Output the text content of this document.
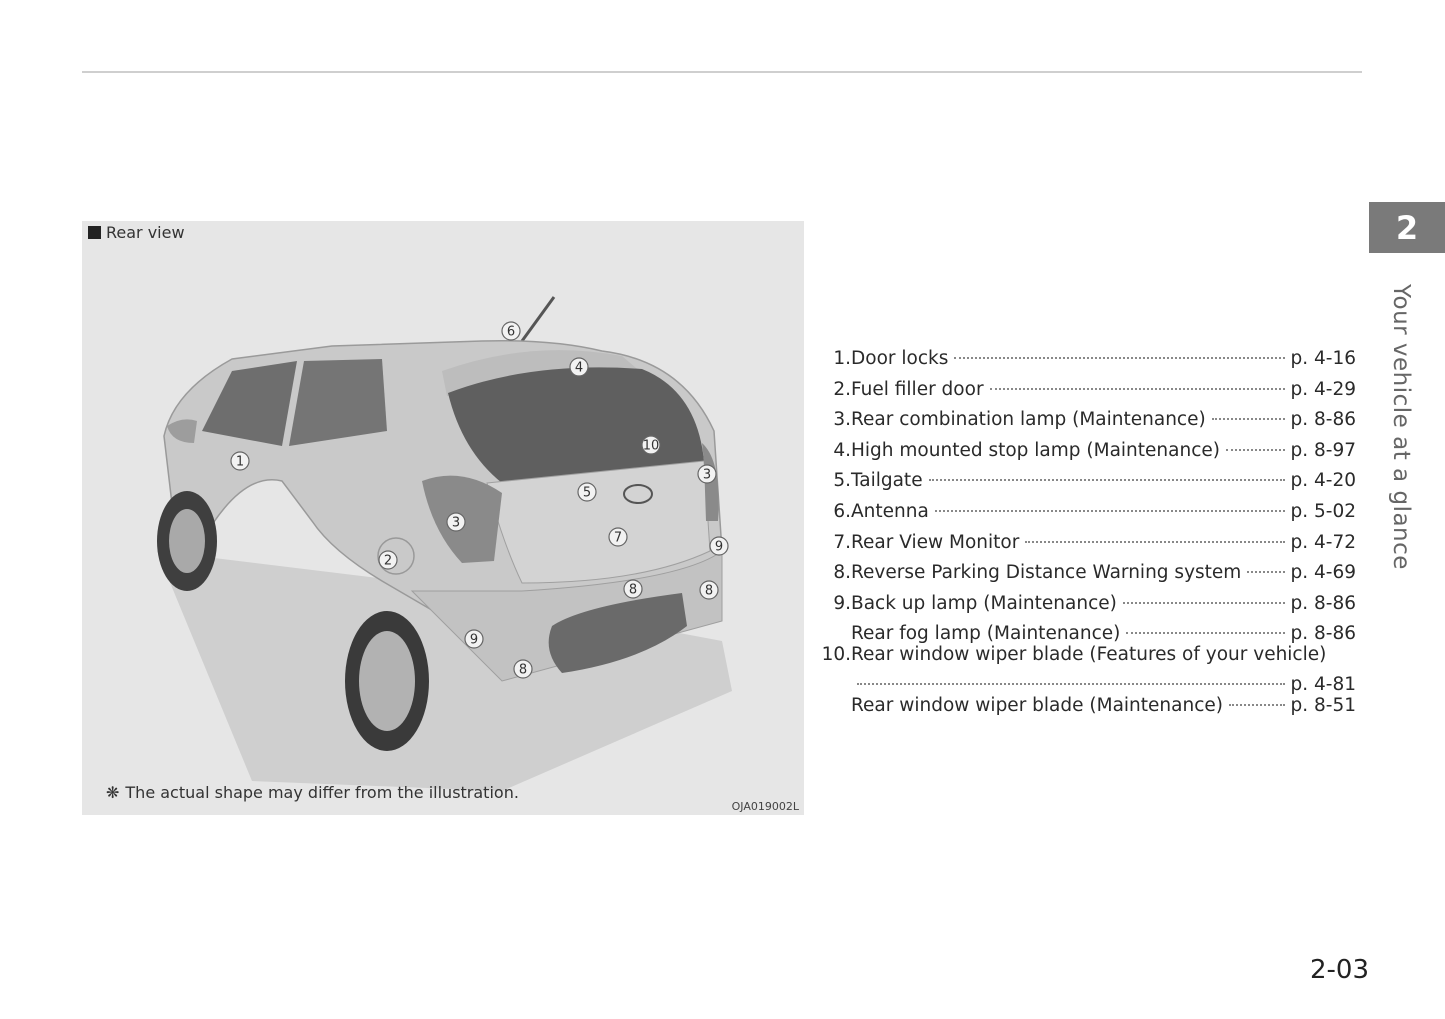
1
2
3
3
4
5
6
7
8	8
8
9
9
10
Rear view
❋ The actual shape may differ from the illustration.
OJA019002L
1. Door locks	p. 4-16
2. Fuel filler door	p. 4-29
3. Rear combination lamp (Maintenance)	p. 8-86
4. High mounted stop lamp (Maintenance)	p. 8-97
5. Tailgate	p. 4-20
6. Antenna	p. 5-02
7. Rear View Monitor	p. 4-72
8. Reverse Parking Distance Warning system	p. 4-69
9. Back up lamp (Maintenance)	p. 8-86
Rear fog lamp (Maintenance)	p. 8-86
10. Rear window wiper blade (Features of your vehicle)
p. 4-81
Rear window wiper blade (Maintenance)	p. 8-51
2
Your vehicle at a glance
2-03
